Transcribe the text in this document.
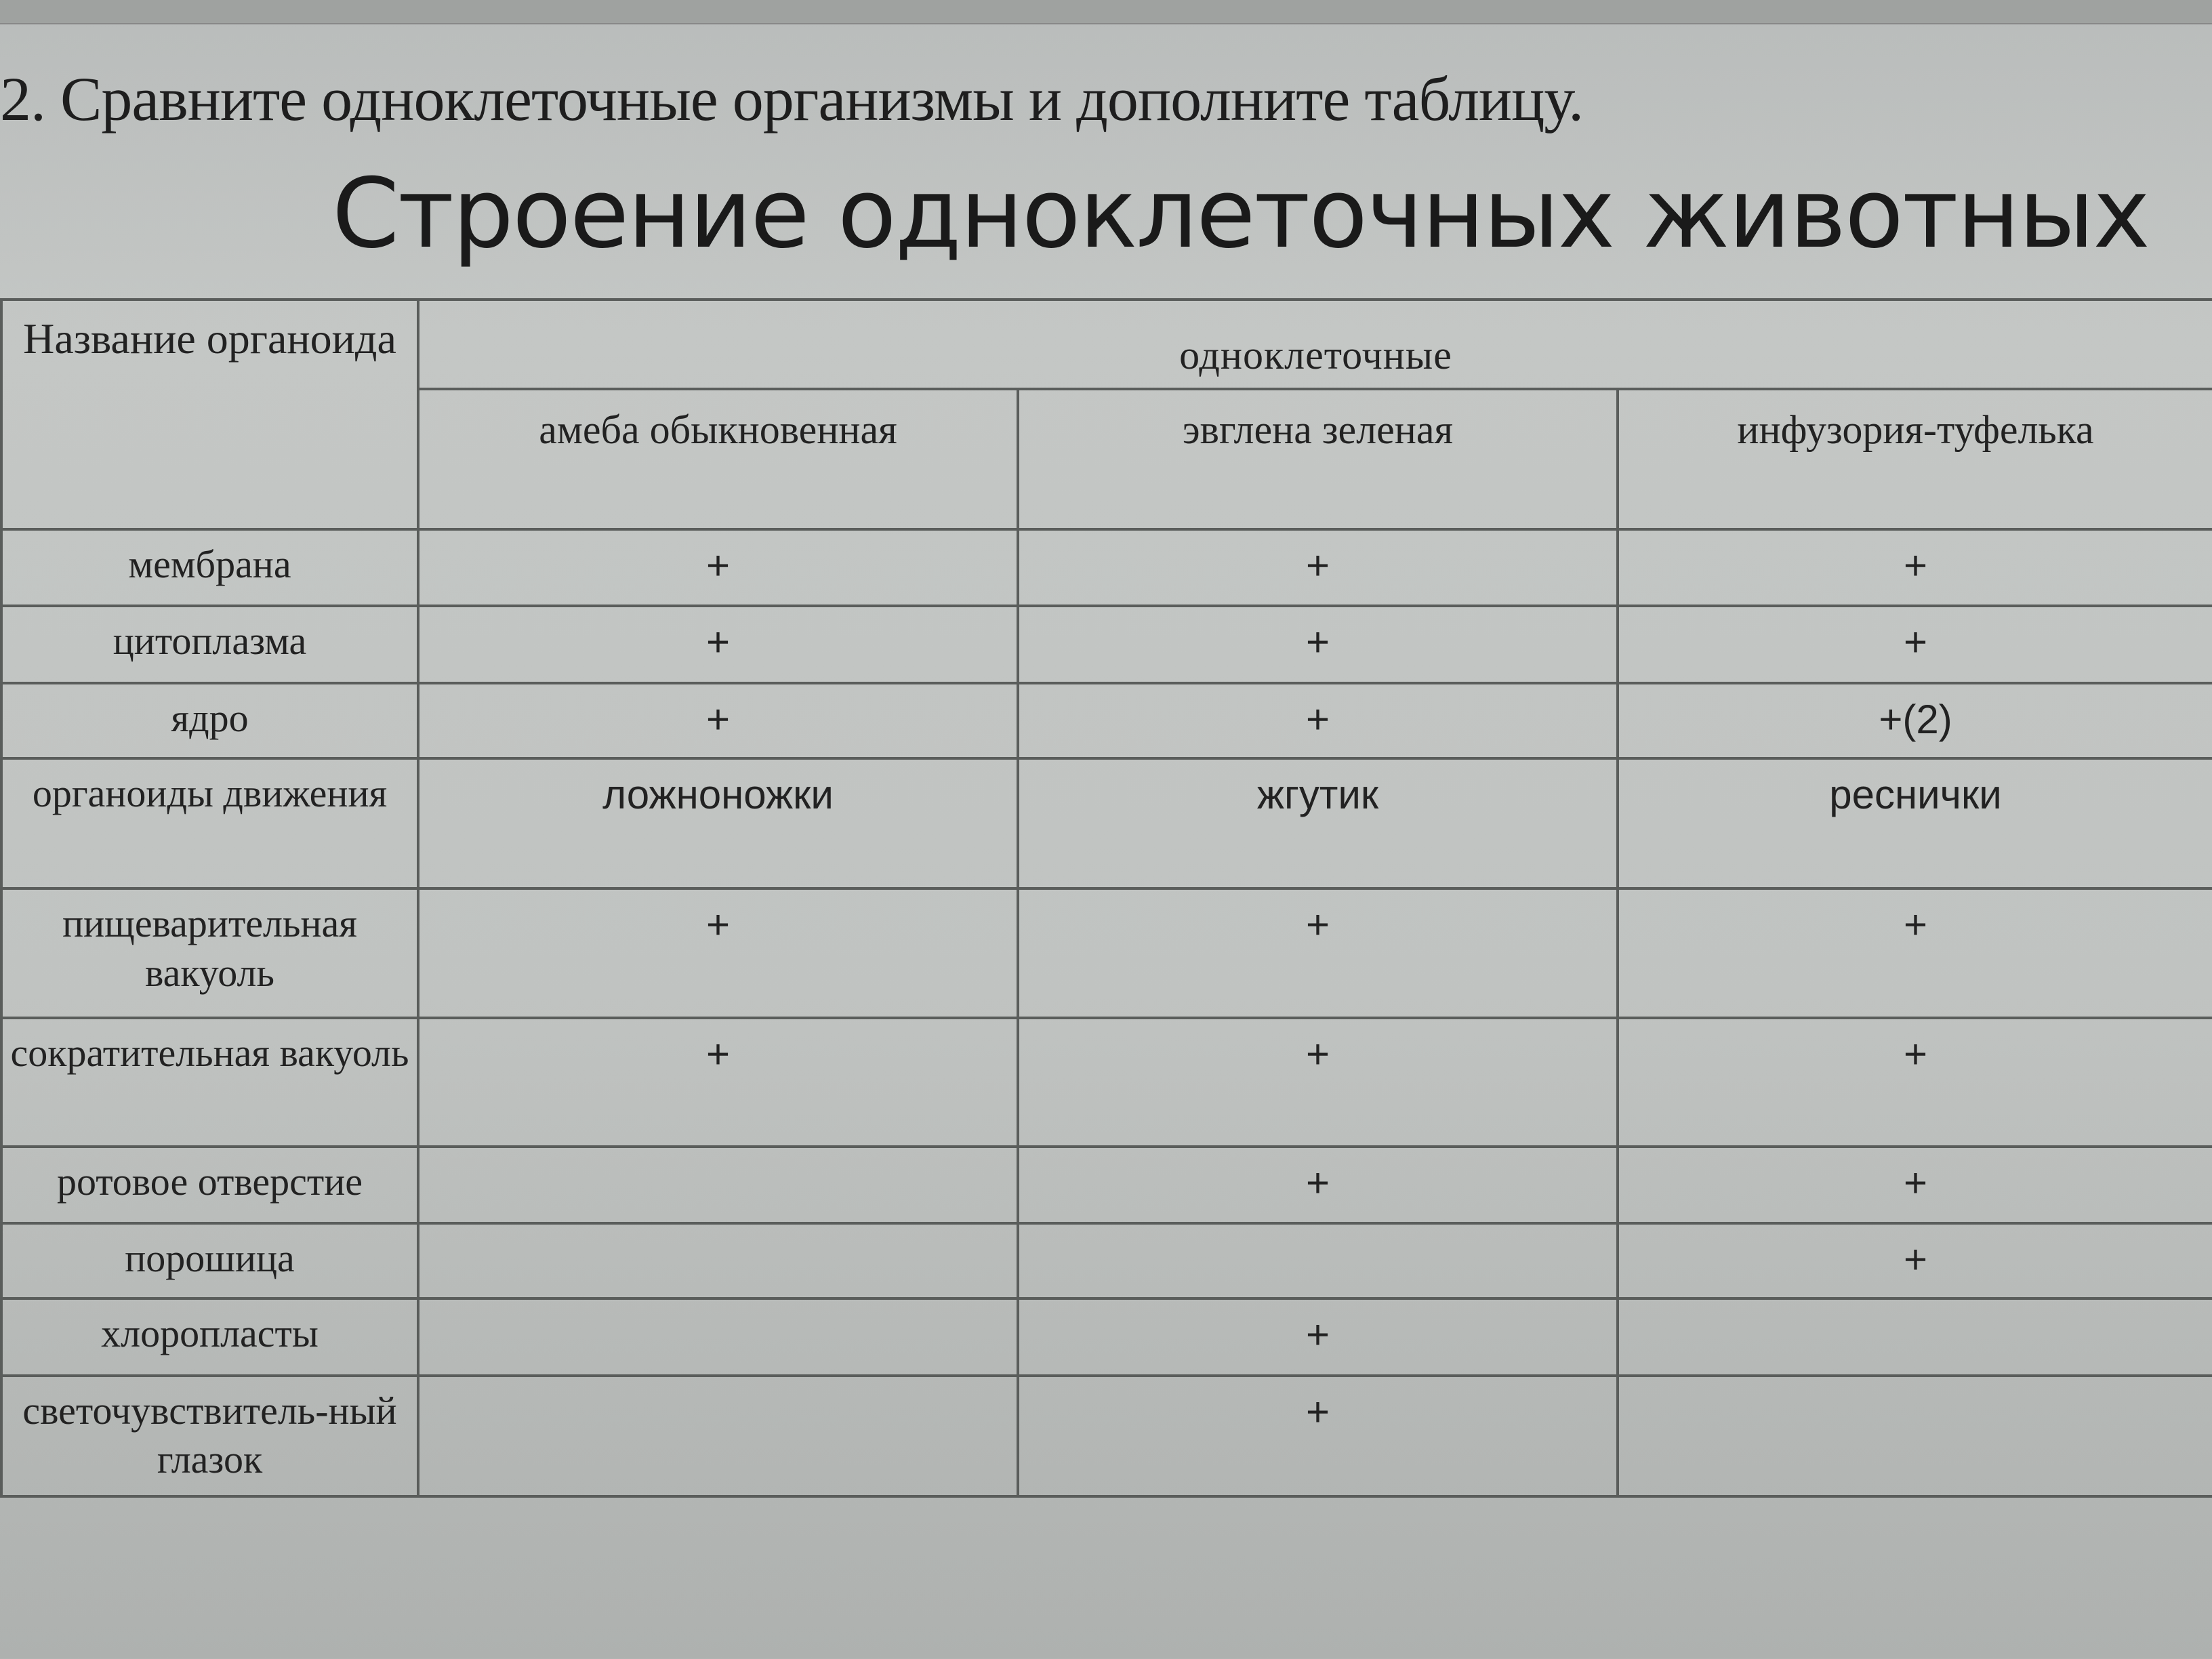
2. Сравните одноклеточные организмы и дополните таблицу.
Строение одноклеточных животных
Название органоида	одноклеточные		
	амеба обыкновенная	эвглена зеленая	инфузория-туфелька
мембрана	+	+	+
цитоплазма	+	+	+
ядро	+	+	+(2)
органоиды движения	ложноножки	жгутик	реснички
пищеварительная вакуоль	+	+	+
сократительная вакуоль	+	+	+
ротовое отверстие		+	+
порошица			+
хлоропласты		+	
светочувствитель-ный глазок		+	
